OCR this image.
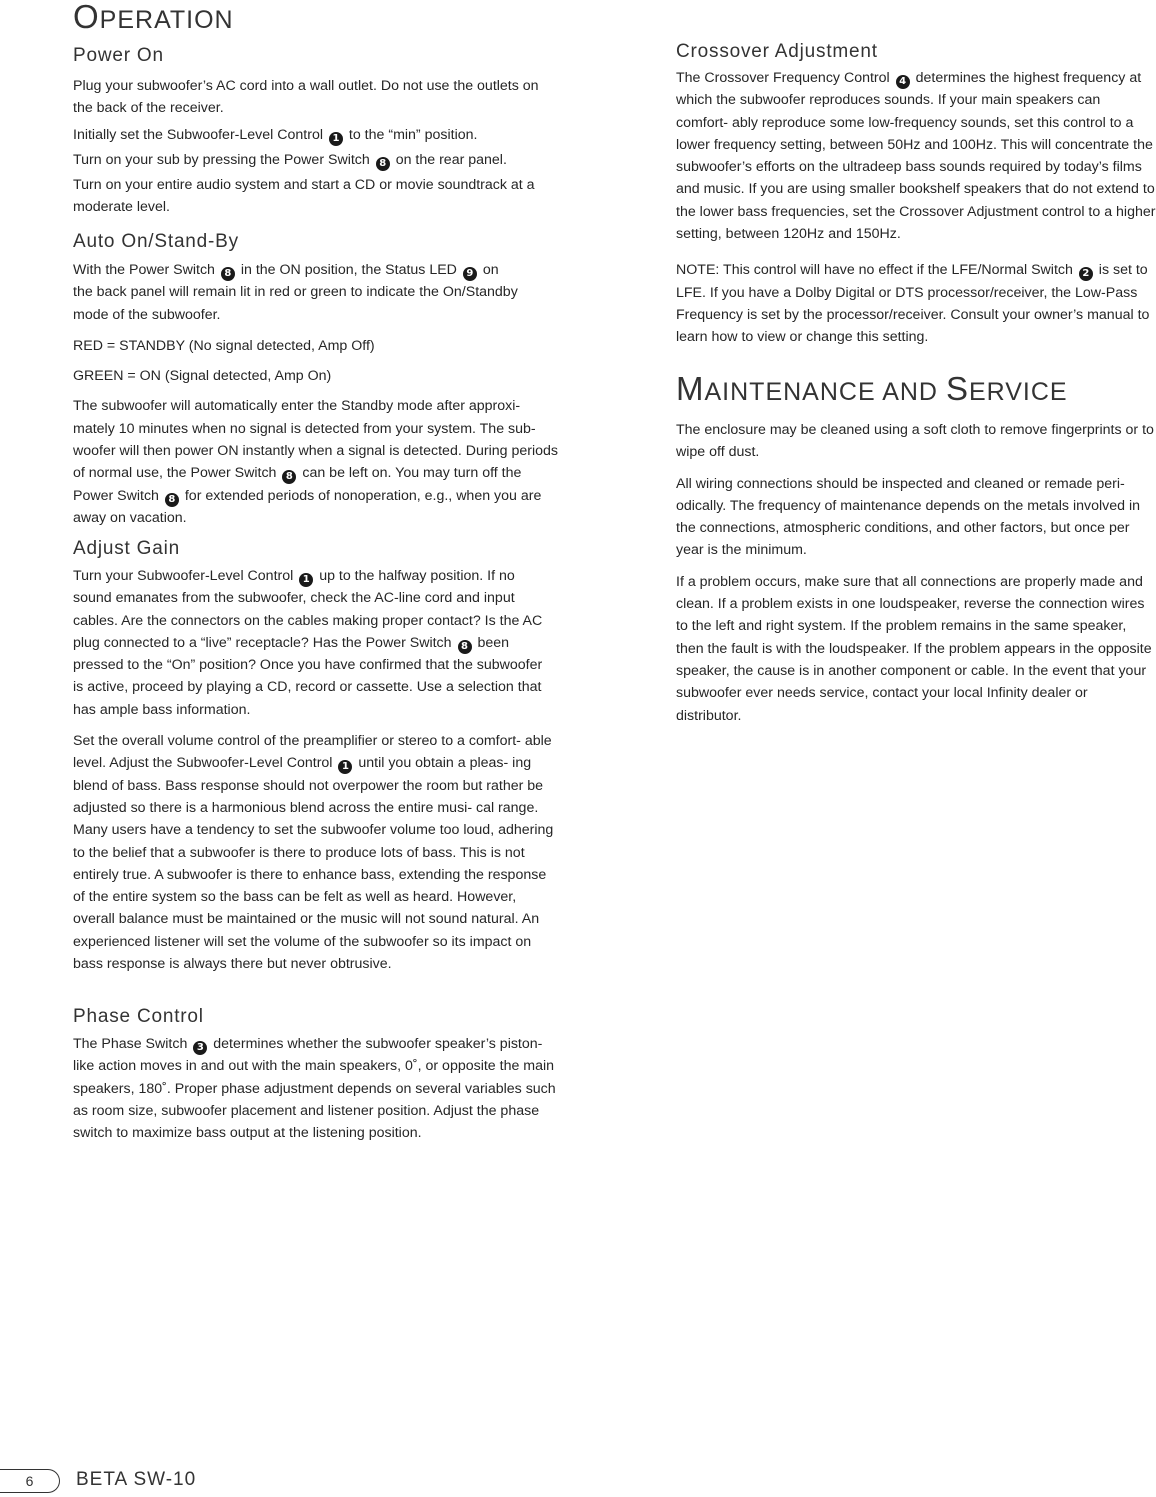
OPERATION
Power On

Plug your subwoofer’s AC cord into a wall outlet. Do not use the outlets on the back of the receiver.

Initially set the Subwoofer-Level Control 1 to the “min” position.

Turn on your sub by pressing the Power Switch 8 on the rear panel.

Turn on your entire audio system and start a CD or movie soundtrack at a moderate level.

Auto On/Stand-By

With the Power Switch 8 in the ON position, the Status LED 9 on the back panel will remain lit in red or green to indicate the On/Standby mode of the subwoofer.

RED = STANDBY (No signal detected, Amp Off)

GREEN = ON (Signal detected, Amp On)

The subwoofer will automatically enter the Standby mode after approxi- mately 10 minutes when no signal is detected from your system. The sub- woofer will then power ON instantly when a signal is detected. During periods of normal use, the Power Switch 8 can be left on. You may turn off the Power Switch 8 for extended periods of nonoperation, e.g., when you are away on vacation.

Adjust Gain

Turn your Subwoofer-Level Control 1 up to the halfway position. If no sound emanates from the subwoofer, check the AC-line cord and input cables. Are the connectors on the cables making proper contact? Is the AC plug connected to a “live” receptacle? Has the Power Switch 8 been pressed to the “On” position? Once you have confirmed that the subwoofer is active, proceed by playing a CD, record or cassette. Use a selection that has ample bass information.

Set the overall volume control of the preamplifier or stereo to a comfort- able level. Adjust the Subwoofer-Level Control 1 until you obtain a pleas- ing blend of bass. Bass response should not overpower the room but rather be adjusted so there is a harmonious blend across the entire musi- cal range. Many users have a tendency to set the subwoofer volume too loud, adhering to the belief that a subwoofer is there to produce lots of bass. This is not entirely true. A subwoofer is there to enhance bass, extending the response of the entire system so the bass can be felt as well as heard. However, overall balance must be maintained or the music will not sound natural. An experienced listener will set the volume of the subwoofer so its impact on bass response is always there but never obtrusive.

Phase Control

The Phase Switch 3 determines whether the subwoofer speaker’s piston- like action moves in and out with the main speakers, 0˚, or opposite the main speakers, 180˚. Proper phase adjustment depends on several variables such as room size, subwoofer placement and listener position. Adjust the phase switch to maximize bass output at the listening position.

Crossover Adjustment

The Crossover Frequency Control 4 determines the highest frequency at which the subwoofer reproduces sounds. If your main speakers can comfort- ably reproduce some low-frequency sounds, set this control to a lower frequency setting, between 50Hz and 100Hz. This will concentrate the subwoofer’s efforts on the ultradeep bass sounds required by today’s films and music. If you are using smaller bookshelf speakers that do not extend to the lower bass frequencies, set the Crossover Adjustment control to a higher setting, between 120Hz and 150Hz.

NOTE: This control will have no effect if the LFE/Normal Switch 2 is set to LFE. If you have a Dolby Digital or DTS processor/receiver, the Low-Pass Frequency is set by the processor/receiver. Consult your owner’s manual to learn how to view or change this setting.

MAINTENANCE AND SERVICE

The enclosure may be cleaned using a soft cloth to remove fingerprints or to wipe off dust.

All wiring connections should be inspected and cleaned or remade peri- odically. The frequency of maintenance depends on the metals involved in the connections, atmospheric conditions, and other factors, but once per year is the minimum.

If a problem occurs, make sure that all connections are properly made and clean. If a problem exists in one loudspeaker, reverse the connection wires to the left and right system. If the problem remains in the same speaker, then the fault is with the loudspeaker. If the problem appears in the opposite speaker, the cause is in another component or cable. In the event that your subwoofer ever needs service, contact your local Infinity dealer or distributor.

6	BETA SW-10
